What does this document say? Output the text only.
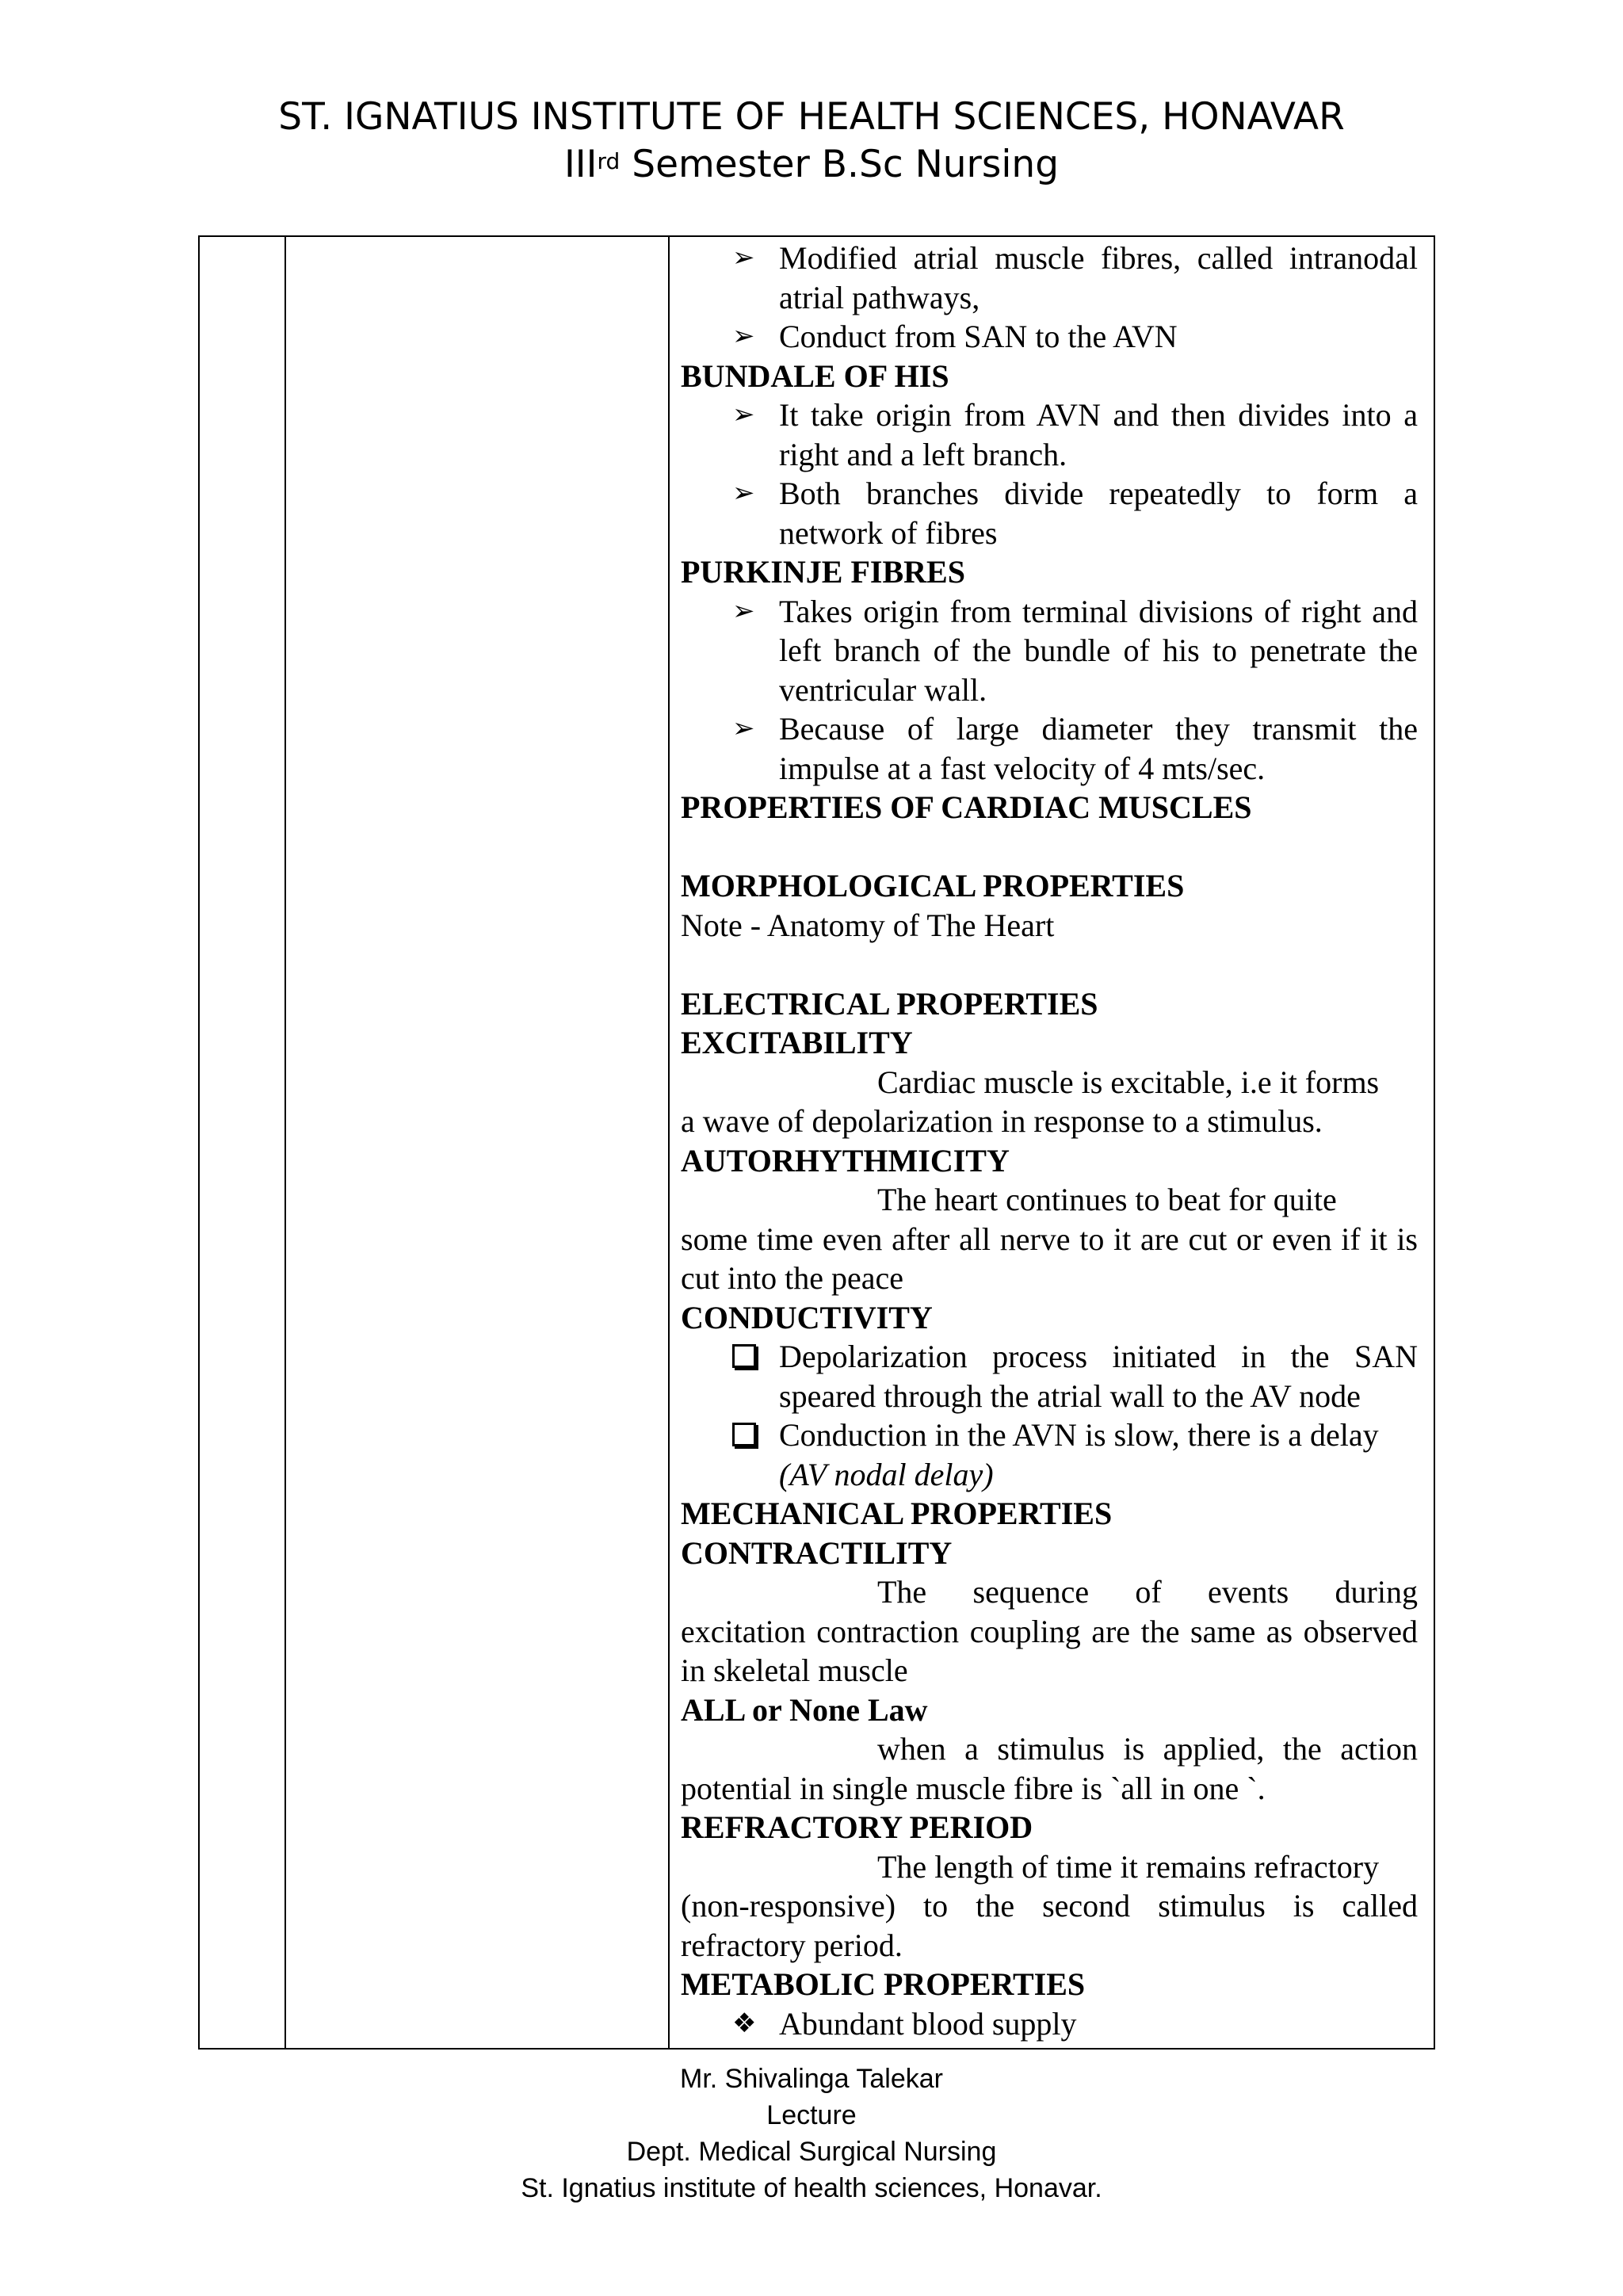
ST. IGNATIUS INSTITUTE OF HEALTH SCIENCES, HONAVAR
IIIrd Semester B.Sc Nursing
➢ Modified atrial muscle fibres, called intranodal atrial pathways,
➢ Conduct from SAN to the AVN
BUNDALE OF HIS
➢ It take origin from AVN and then divides into a right and a left branch.
➢ Both branches divide repeatedly to form a network of fibres
PURKINJE FIBRES
➢ Takes origin from terminal divisions of right and left branch of the bundle of his to penetrate the ventricular wall.
➢ Because of large diameter they transmit the impulse at a fast velocity of 4 mts/sec.
PROPERTIES OF CARDIAC MUSCLES
MORPHOLOGICAL PROPERTIES
Note - Anatomy of The Heart
ELECTRICAL PROPERTIES
EXCITABILITY
Cardiac muscle is excitable, i.e it forms
a wave of depolarization in response to a stimulus.
AUTORHYTHMICITY
The heart continues to beat for quite
some time even after all nerve to it are cut or even if it is cut into the peace
CONDUCTIVITY
Depolarization process initiated in the SAN speared through the atrial wall to the AV node
Conduction in the AVN is slow, there is a delay
(AV nodal delay)
MECHANICAL PROPERTIES
CONTRACTILITY
The sequence of events during
excitation contraction coupling are the same as observed in skeletal muscle
ALL or None Law
when a stimulus is applied, the action
potential in single muscle fibre is `all in one `.
REFRACTORY PERIOD
The length of time it remains refractory
(non-responsive) to the second stimulus is called refractory period.
METABOLIC PROPERTIES
❖ Abundant blood supply
Mr. Shivalinga Talekar
Lecture
Dept. Medical Surgical Nursing
St. Ignatius institute of health sciences, Honavar.
